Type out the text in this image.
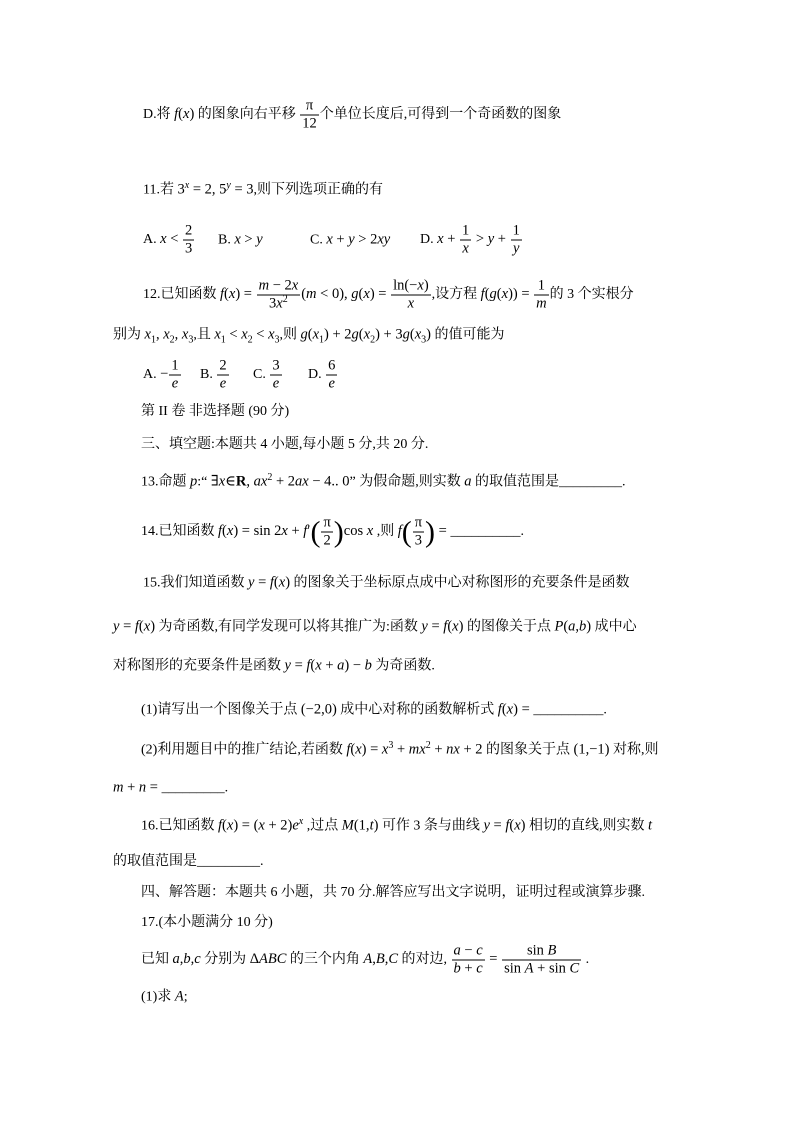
D.将 f(x) 的图象向右平移 $\frac{\pi}{12}$ 个单位长度后,可得到一个奇函数的图象
11.若 $3^x = 2$, $5^y = 3$,则下列选项正确的有
A. $x < \frac{2}{3} B$. x > y	C. x + y > 2xy D. $x + \frac{1}{x} > y + \frac{1}{y}$
12.已知函数 $f(x) = \frac{m - 2x}{3x^2} (m < 0)$, $g(x) = \frac{\ln(-x)}{x}$ ,设方程 $f(g(x)) = \frac{1}{m}$ 的 3 个实根分
别为 $x_1$, $x_2$, $x_3$,且 $x_1 < x_2 < x_3$,则 $g(x_1) + 2g(x_2) + 3g(x_3)$ 的值可能为
A. − $\frac{1}{e} B$. $\frac{2}{e} C$. $\frac{3}{e} D$. $\frac{6}{e}$
第 II 卷 非选择题 (90 分)
三、填空题:本题共 4 小题,每小题 5 分,共 20 分.
13.命题 p:“ ∃x∈R, $ax^2 + 2ax - 4$.. 0” 为假命题,则实数 a 的取值范围是_________.
14.已知函数 $f(x) = \sin 2x + f'( \frac{\pi}{2} )\cos$ x ,则 $f( \frac{\pi}{3}$ ) = __________.
15.我们知道函数 y = f(x) 的图象关于坐标原点成中心对称图形的充要条件是函数
y = f(x) 为奇函数,有同学发现可以将其推广为:函数 y = f(x) 的图像关于点 P(a,b) 成中心
对称图形的充要条件是函数 y = f(x + a) − b 为奇函数.
(1)请写出一个图像关于点 (−2,0) 成中心对称的函数解析式 f(x) = __________.
(2)利用题目中的推广结论,若函数 $f(x) = x^3 + mx^2$ + nx + 2 的图象关于点 (1,−1) 对称,则
m + n = _________.
16.已知函数 $f(x) = (x + 2)e^x$ ,过点 M(1,t) 可作 3 条与曲线 y = f(x) 相切的直线,则实数 t
的取值范围是_________.
四、解答题：本题共 6 小题，共 70 分.解答应写出文字说明，证明过程或演算步骤.
17.(本小题满分 10 分)
已知 a,b,c 分别为 ΔABC 的三个内角 A,B,C 的对边, $\frac{a - c}{b + c} = \frac{\text{sin B}}{\text{sin A + sin C}}$ .
(1)求 A;
